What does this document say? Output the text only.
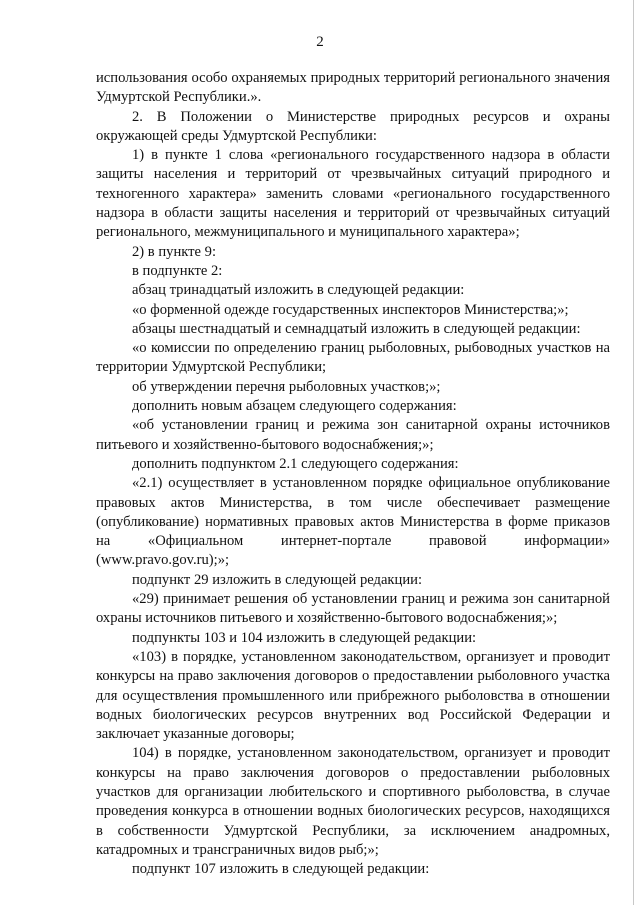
2

использования особо охраняемых природных территорий регионального значения Удмуртской Республики.».

2. В Положении о Министерстве природных ресурсов и охраны окружающей среды Удмуртской Республики:

1) в пункте 1 слова «регионального государственного надзора в области защиты населения и территорий от чрезвычайных ситуаций природного и техногенного характера» заменить словами «регионального государственного надзора в области защиты населения и территорий от чрезвычайных ситуаций регионального, межмуниципального и муниципального характера»;

2) в пункте 9:

в подпункте 2:

абзац тринадцатый изложить в следующей редакции:

«о форменной одежде государственных инспекторов Министерства;»;

абзацы шестнадцатый и семнадцатый изложить в следующей редакции:

«о комиссии по определению границ рыболовных, рыбоводных участков на территории Удмуртской Республики;

об утверждении перечня рыболовных участков;»;

дополнить новым абзацем следующего содержания:

«об установлении границ и режима зон санитарной охраны источников питьевого и хозяйственно-бытового водоснабжения;»;

дополнить подпунктом 2.1 следующего содержания:

«2.1) осуществляет в установленном порядке официальное опубликование правовых актов Министерства, в том числе обеспечивает размещение (опубликование) нормативных правовых актов Министерства в форме приказов на «Официальном интернет-портале правовой информации» (www.pravo.gov.ru);»;

подпункт 29 изложить в следующей редакции:

«29) принимает решения об установлении границ и режима зон санитарной охраны источников питьевого и хозяйственно-бытового водоснабжения;»;

подпункты 103 и 104 изложить в следующей редакции:

«103) в порядке, установленном законодательством, организует и проводит конкурсы на право заключения договоров о предоставлении рыболовного участка для осуществления промышленного или прибрежного рыболовства в отношении водных биологических ресурсов внутренних вод Российской Федерации и заключает указанные договоры;

104) в порядке, установленном законодательством, организует и проводит конкурсы на право заключения договоров о предоставлении рыболовных участков для организации любительского и спортивного рыболовства, в случае проведения конкурса в отношении водных биологических ресурсов, находящихся в собственности Удмуртской Республики, за исключением анадромных, катадромных и трансграничных видов рыб;»;

подпункт 107 изложить в следующей редакции:
